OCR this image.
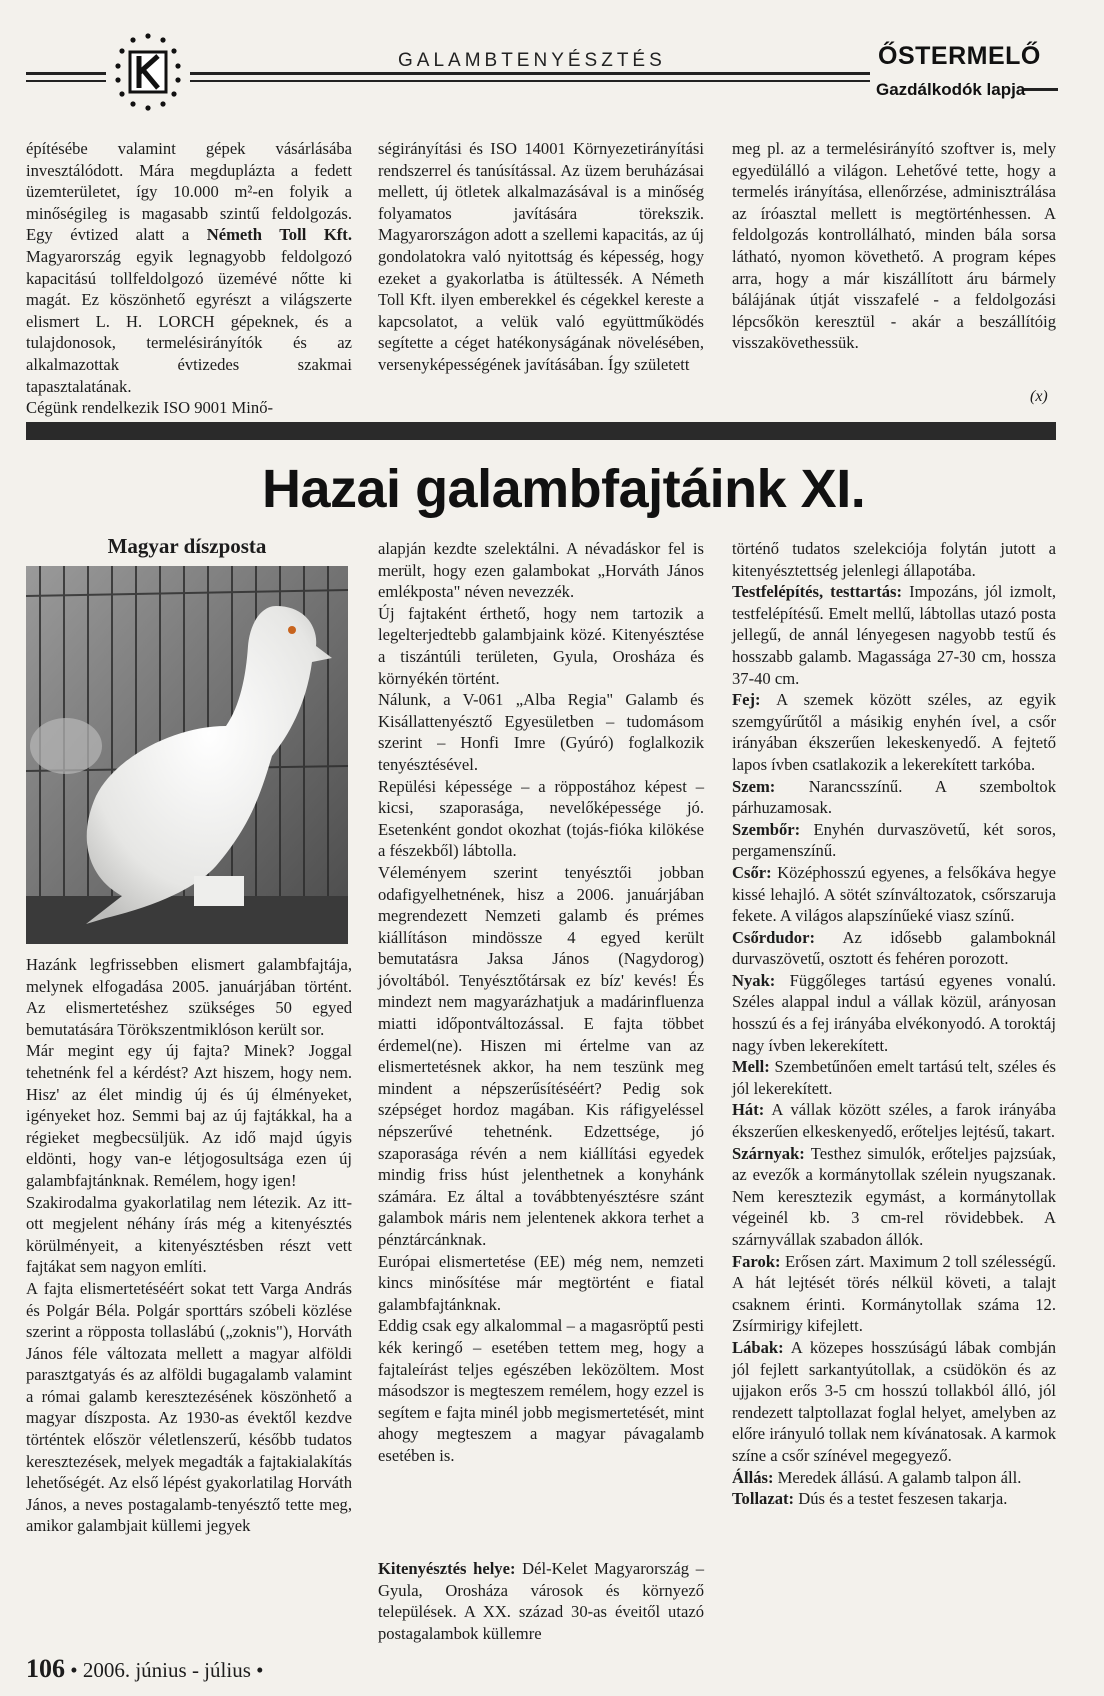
GALAMBTENYÉSZTÉS	ŐSTERMELŐ
Gazdálkodók lapja

építésébe valamint gépek vásárlásába invesztálódott. Mára megduplázta a fedett üzemterületet, így 10.000 m²-en folyik a minőségileg is magasabb szintű feldolgozás. Egy évtized alatt a Németh Toll Kft. Magyarország egyik legnagyobb feldolgozó kapacitású tollfeldolgozó üzemévé nőtte ki magát. Ez köszönhető egyrészt a világszerte elismert L. H. LORCH gépeknek, és a tulajdonosok, termelésirányítók és az alkalmazottak évtizedes szakmai tapasztalatának.

Cégünk rendelkezik ISO 9001 Minő-

ségirányítási és ISO 14001 Környezetirányítási rendszerrel és tanúsítással. Az üzem beruházásai mellett, új ötletek alkalmazásával is a minőség folyamatos javítására törekszik. Magyarországon adott a szellemi kapacitás, az új gondolatokra való nyitottság és képesség, hogy ezeket a gyakorlatba is átültessék. A Németh Toll Kft. ilyen emberekkel és cégekkel kereste a kapcsolatot, a velük való együttműködés segítette a céget hatékonyságának növelésében, versenyképességének javításában. Így született

meg pl. az a termelésirányító szoftver is, mely egyedülálló a világon. Lehetővé tette, hogy a termelés irányítása, ellenőrzése, adminisztrálása az íróasztal mellett is megtörténhessen. A feldolgozás kontrollálható, minden bála sorsa látható, nyomon követhető. A program képes arra, hogy a már kiszállított áru bármely bálájának útját visszafelé - a feldolgozási lépcsőkön keresztül - akár a beszállítóig visszakövethessük.

(x)
Hazai galambfajtáink XI.
Magyar díszposta

Hazánk legfrissebben elismert galambfajtája, melynek elfogadása 2005. januárjában történt. Az elismertetéshez szükséges 50 egyed bemutatására Törökszentmiklóson került sor.

Már megint egy új fajta? Minek? Joggal tehetnénk fel a kérdést? Azt hiszem, hogy nem. Hisz' az élet mindig új és új élményeket, igényeket hoz. Semmi baj az új fajtákkal, ha a régieket megbecsüljük. Az idő majd úgyis eldönti, hogy van-e létjogosultsága ezen új galambfajtánknak. Remélem, hogy igen!

Szakirodalma gyakorlatilag nem létezik. Az itt-ott megjelent néhány írás még a kitenyésztés körülményeit, a kitenyésztésben részt vett fajtákat sem nagyon említi.

A fajta elismertetéséért sokat tett Varga András és Polgár Béla. Polgár sporttárs szóbeli közlése szerint a röpposta tollaslábú („zoknis"), Horváth János féle változata mellett a magyar alföldi parasztgatyás és az alföldi bugagalamb valamint a római galamb keresztezésének köszönhető a magyar díszposta. Az 1930-as évektől kezdve történtek először véletlenszerű, később tudatos keresztezések, melyek megadták a fajtakialakítás lehetőségét. Az első lépést gyakorlatilag Horváth János, a neves postagalamb-tenyésztő tette meg, amikor galambjait küllemi jegyek

alapján kezdte szelektálni. A névadáskor fel is merült, hogy ezen galambokat „Horváth János emlékposta" néven nevezzék.

Új fajtaként érthető, hogy nem tartozik a legelterjedtebb galambjaink közé. Kitenyésztése a tiszántúli területen, Gyula, Orosháza és környékén történt.

Nálunk, a V-061 „Alba Regia" Galamb és Kisállattenyésztő Egyesületben – tudomásom szerint – Honfi Imre (Gyúró) foglalkozik tenyésztésével.

Repülési képessége – a röppostához képest – kicsi, szaporasága, nevelőképessége jó. Esetenként gondot okozhat (tojás-fióka kilökése a fészekből) lábtolla.

Véleményem szerint tenyésztői jobban odafigyelhetnének, hisz a 2006. januárjában megrendezett Nemzeti galamb és prémes kiállításon mindössze 4 egyed került bemutatásra Jaksa János (Nagydorog) jóvoltából. Tenyésztőtársak ez bíz' kevés! És mindezt nem magyarázhatjuk a madárinfluenza miatti időpontváltozással. E fajta többet érdemel(ne). Hiszen mi értelme van az elismertetésnek akkor, ha nem teszünk meg mindent a népszerűsítéséért? Pedig sok szépséget hordoz magában. Kis ráfigyeléssel népszerűvé tehetnénk. Edzettsége, jó szaporasága révén a nem kiállítási egyedek mindig friss húst jelenthetnek a konyhánk számára. Ez által a továbbtenyésztésre szánt galambok máris nem jelentenek akkora terhet a pénztárcánknak.

Európai elismertetése (EE) még nem, nemzeti kincs minősítése már megtörtént e fiatal galambfajtánknak.

Eddig csak egy alkalommal – a magasröptű pesti kék keringő – esetében tettem meg, hogy a fajtaleírást teljes egészében leközöltem. Most másodszor is megteszem remélem, hogy ezzel is segítem e fajta minél jobb megismertetését, mint ahogy megteszem a magyar pávagalamb esetében is.

Kitenyésztés helye: Dél-Kelet Magyarország – Gyula, Orosháza városok és környező települések. A XX. század 30-as éveitől utazó postagalambok küllemre

történő tudatos szelekciója folytán jutott a kitenyésztettség jelenlegi állapotába.

Testfelépítés, testtartás: Impozáns, jól izmolt, testfelépítésű. Emelt mellű, lábtollas utazó posta jellegű, de annál lényegesen nagyobb testű és hosszabb galamb. Magassága 27-30 cm, hossza 37-40 cm.

Fej: A szemek között széles, az egyik szemgyűrűtől a másikig enyhén ível, a csőr irányában ékszerűen lekeskenyedő. A fejtető lapos ívben csatlakozik a lekerekített tarkóba.

Szem: Narancsszínű. A szemboltok párhuzamosak.

Szembőr: Enyhén durvaszövetű, két soros, pergamenszínű.

Csőr: Középhosszú egyenes, a felsőkáva hegye kissé lehajló. A sötét színváltozatok, csőrszaruja fekete. A világos alapszínűeké viasz színű.

Csőrdudor: Az idősebb galamboknál durvaszövetű, osztott és fehéren porozott.

Nyak: Függőleges tartású egyenes vonalú. Széles alappal indul a vállak közül, arányosan hosszú és a fej irányába elvékonyodó. A toroktáj nagy ívben lekerekített.

Mell: Szembetűnően emelt tartású telt, széles és jól lekerekített.

Hát: A vállak között széles, a farok irányába ékszerűen elkeskenyedő, erőteljes lejtésű, takart.

Szárnyak: Testhez simulók, erőteljes pajzsúak, az evezők a kormánytollak szélein nyugszanak. Nem keresztezik egymást, a kormánytollak végeinél kb. 3 cm-rel rövidebbek. A szárnyvállak szabadon állók.

Farok: Erősen zárt. Maximum 2 toll szélességű. A hát lejtését törés nélkül követi, a talajt csaknem érinti. Kormánytollak száma 12. Zsírmirigy kifejlett.

Lábak: A közepes hosszúságú lábak combján jól fejlett sarkantyútollak, a csüdökön és az ujjakon erős 3-5 cm hosszú tollakból álló, jól rendezett talptollazat foglal helyet, amelyben az előre irányuló tollak nem kívánatosak. A karmok színe a csőr színével megegyező.

Állás: Meredek állású. A galamb talpon áll.

Tollazat: Dús és a testet feszesen takarja.

106 • 2006. június - július •
